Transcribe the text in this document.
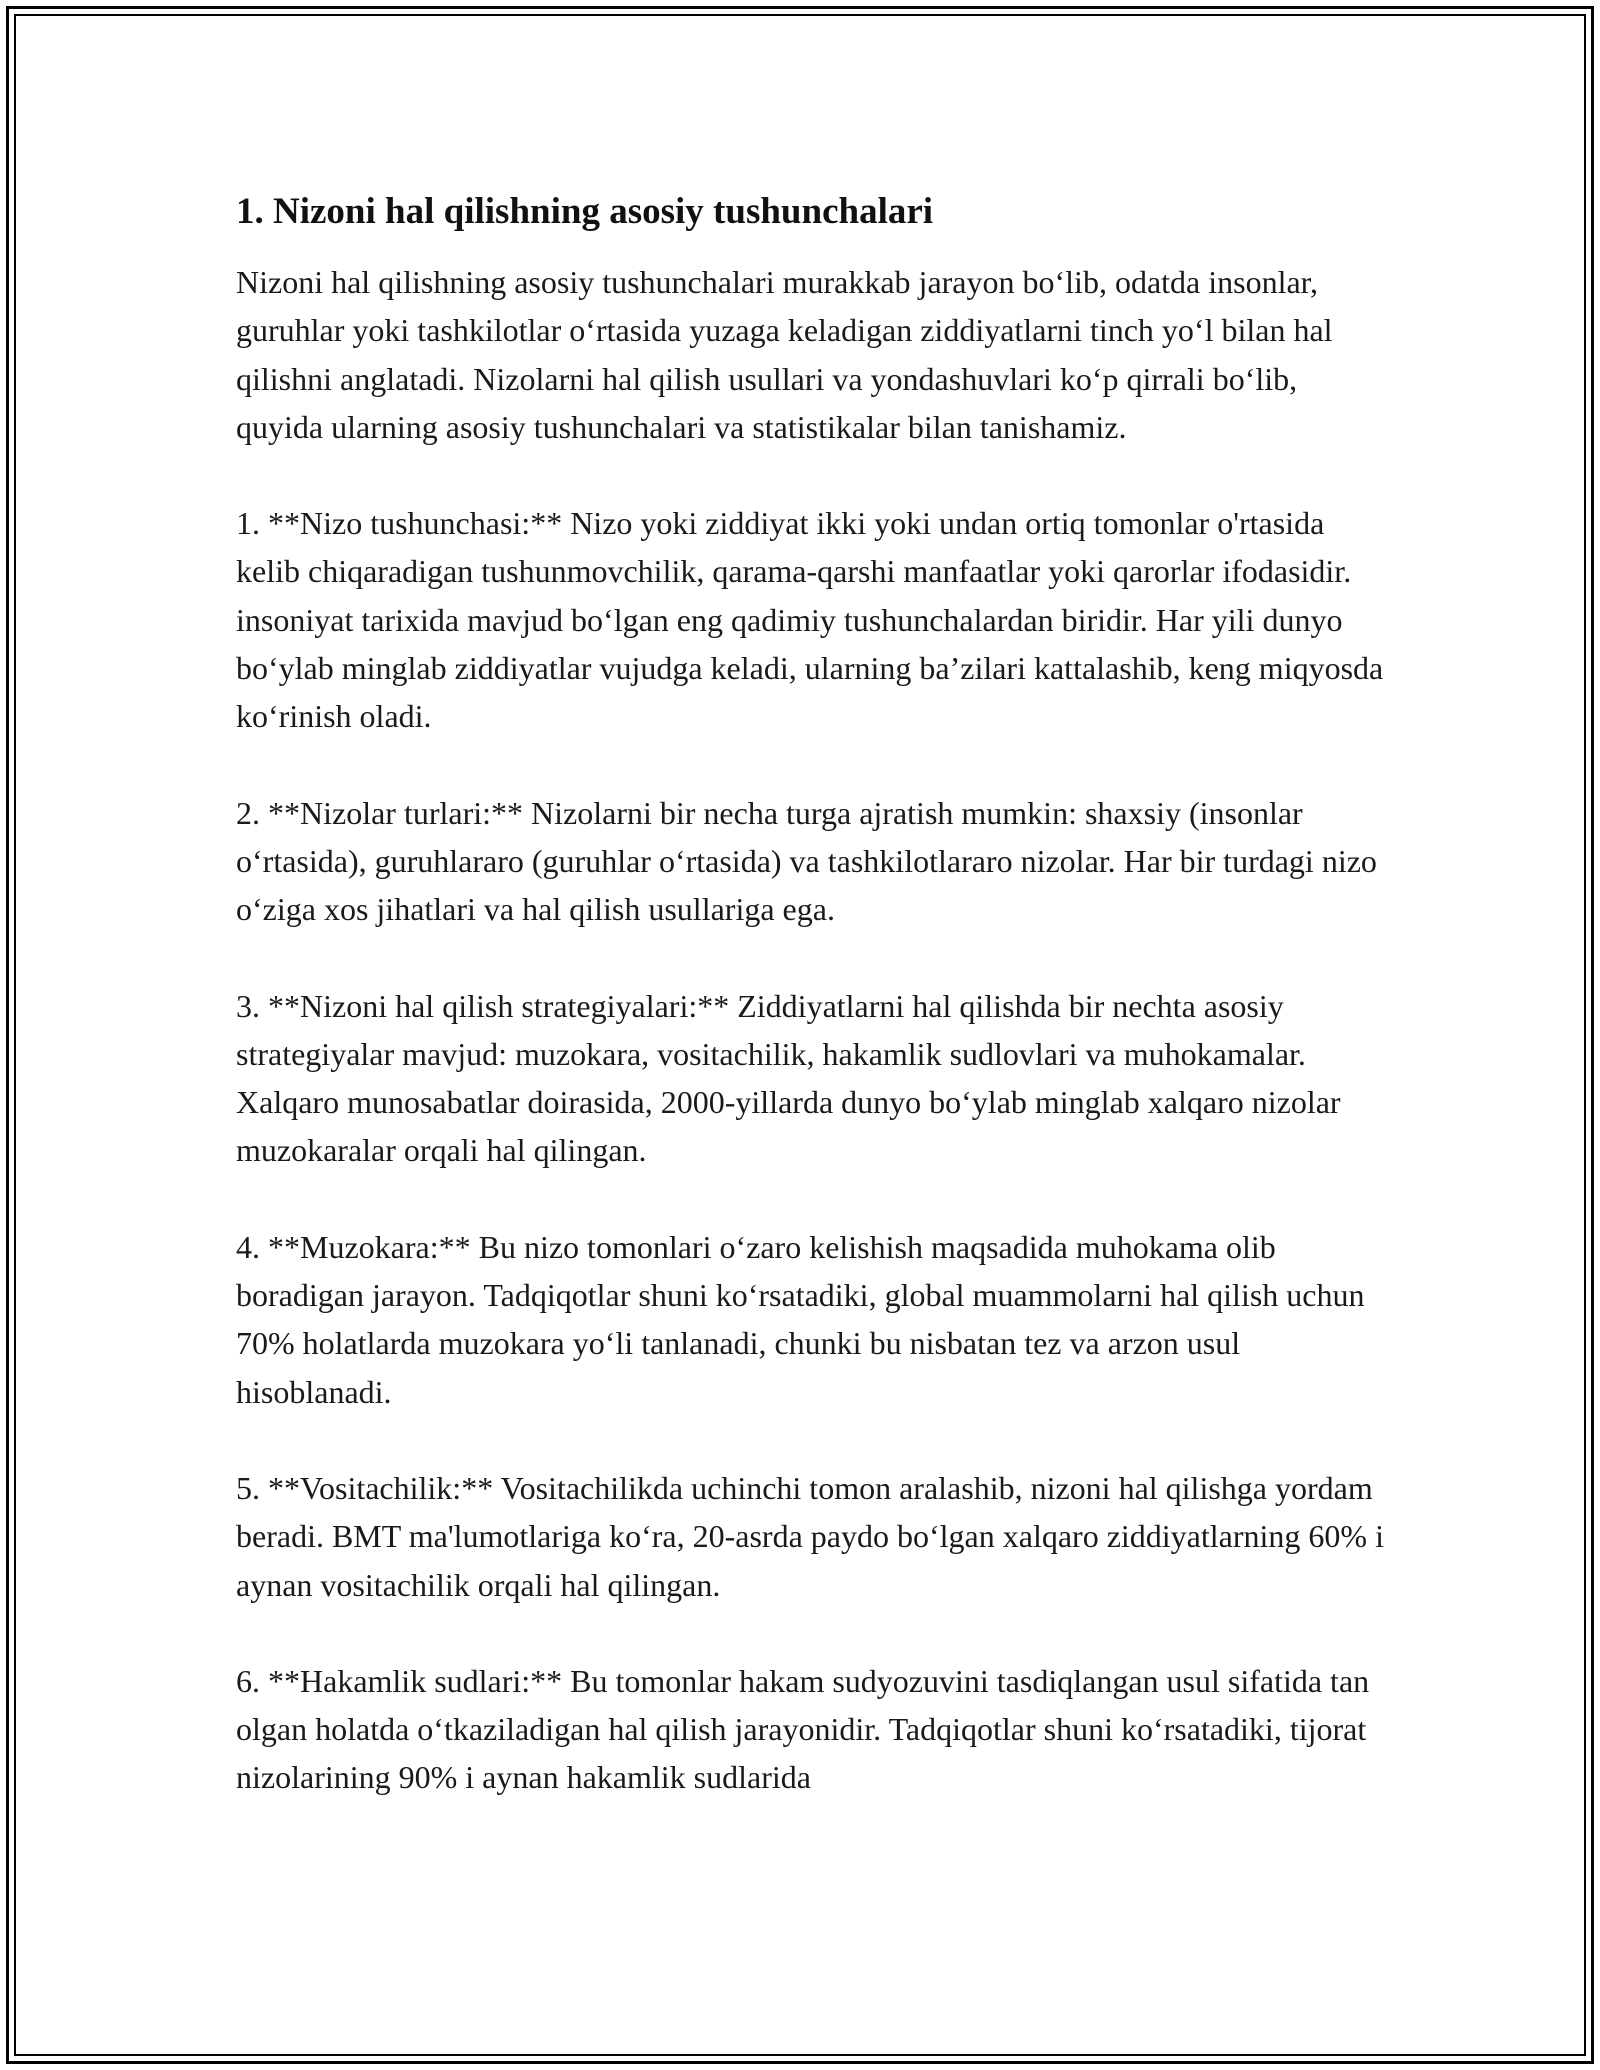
1. Nizoni hal qilishning asosiy tushunchalari

Nizoni hal qilishning asosiy tushunchalari murakkab jarayon bo‘lib, odatda insonlar, guruhlar yoki tashkilotlar o‘rtasida yuzaga keladigan ziddiyatlarni tinch yo‘l bilan hal qilishni anglatadi. Nizolarni hal qilish usullari va yondashuvlari ko‘p qirrali bo‘lib, quyida ularning asosiy tushunchalari va statistikalar bilan tanishamiz.

1. **Nizo tushunchasi:** Nizo yoki ziddiyat ikki yoki undan ortiq tomonlar o'rtasida kelib chiqaradigan tushunmovchilik, qarama-qarshi manfaatlar yoki qarorlar ifodasidir. insoniyat tarixida mavjud bo‘lgan eng qadimiy tushunchalardan biridir. Har yili dunyo bo‘ylab minglab ziddiyatlar vujudga keladi, ularning ba’zilari kattalashib, keng miqyosda ko‘rinish oladi.

2. **Nizolar turlari:** Nizolarni bir necha turga ajratish mumkin: shaxsiy (insonlar o‘rtasida), guruhlararo (guruhlar o‘rtasida) va tashkilotlararo nizolar. Har bir turdagi nizo o‘ziga xos jihatlari va hal qilish usullariga ega.

3. **Nizoni hal qilish strategiyalari:** Ziddiyatlarni hal qilishda bir nechta asosiy strategiyalar mavjud: muzokara, vositachilik, hakamlik sudlovlari va muhokamalar. Xalqaro munosabatlar doirasida, 2000-yillarda dunyo bo‘ylab minglab xalqaro nizolar muzokaralar orqali hal qilingan.

4. **Muzokara:** Bu nizo tomonlari o‘zaro kelishish maqsadida muhokama olib boradigan jarayon. Tadqiqotlar shuni ko‘rsatadiki, global muammolarni hal qilish uchun 70% holatlarda muzokara yo‘li tanlanadi, chunki bu nisbatan tez va arzon usul hisoblanadi.

5. **Vositachilik:** Vositachilikda uchinchi tomon aralashib, nizoni hal qilishga yordam beradi. BMT ma'lumotlariga ko‘ra, 20-asrda paydo bo‘lgan xalqaro ziddiyatlarning 60% i aynan vositachilik orqali hal qilingan.

6. **Hakamlik sudlari:** Bu tomonlar hakam sudyozuvini tasdiqlangan usul sifatida tan olgan holatda o‘tkaziladigan hal qilish jarayonidir. Tadqiqotlar shuni ko‘rsatadiki, tijorat nizolarining 90% i aynan hakamlik sudlarida
